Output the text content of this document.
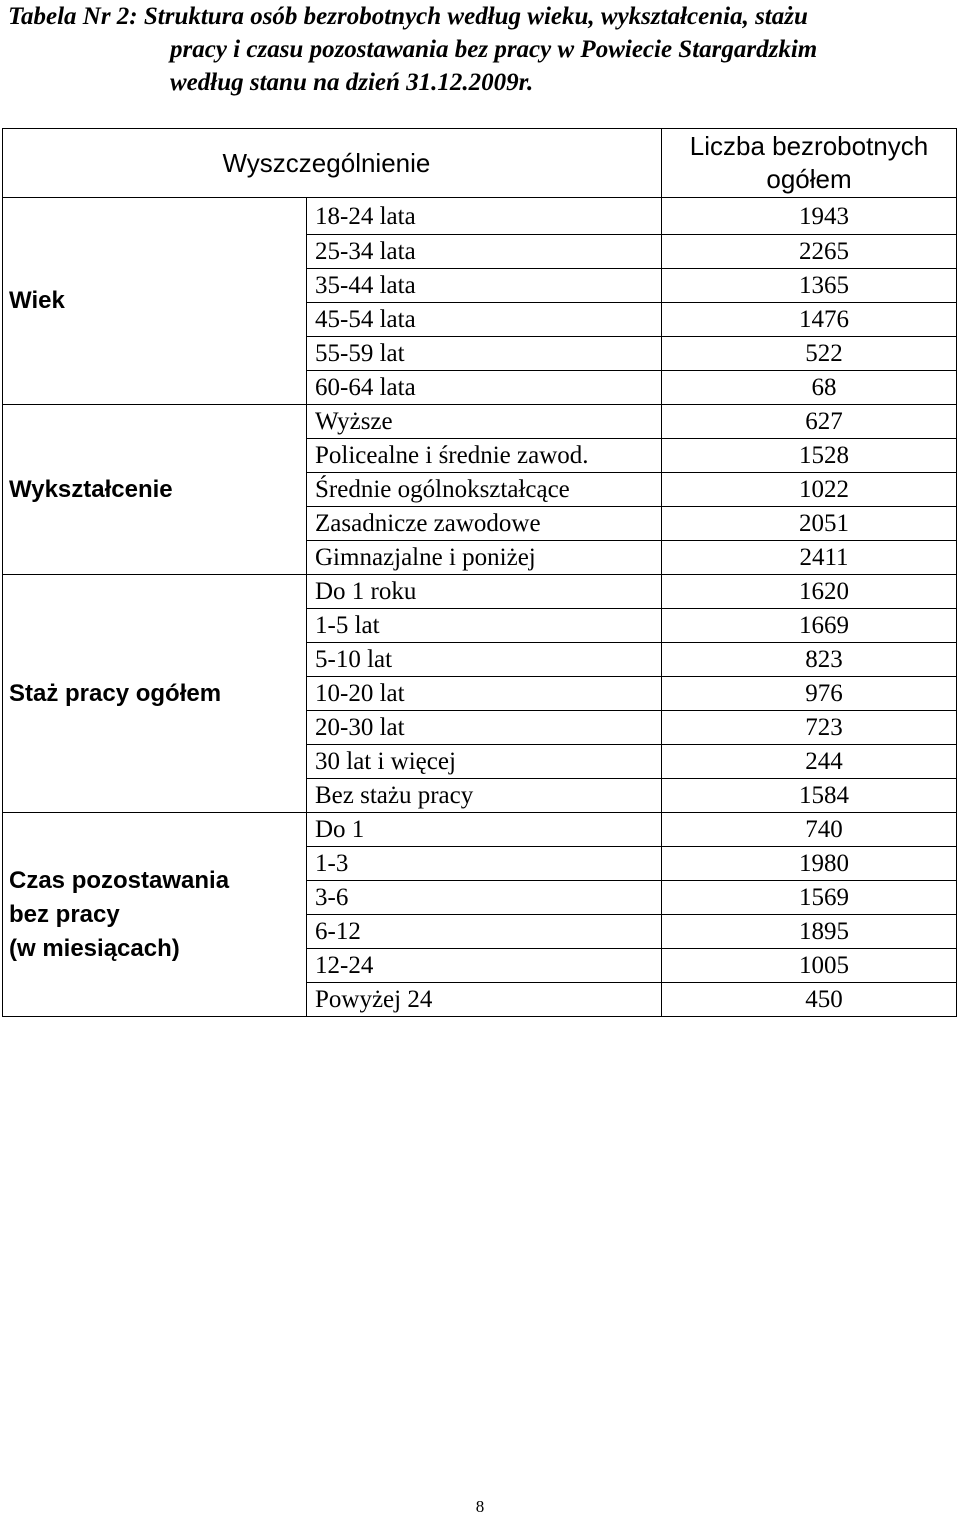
Tabela Nr 2: Struktura osób bezrobotnych według wieku, wykształcenia, stażu
pracy i czasu pozostawania bez pracy w Powiecie Stargardzkim
według stanu na dzień 31.12.2009r.
	Wyszczególnienie	Liczba bezrobotnych ogółem
Wiek	18-24 lata	1943
	25-34 lata	2265
	35-44 lata	1365
	45-54 lata	1476
	55-59 lat	522
	60-64 lata	68
Wykształcenie	Wyższe	627
	Policealne i średnie zawod.	1528
	Średnie ogólnokształcące	1022
	Zasadnicze zawodowe	2051
	Gimnazjalne i poniżej	2411
Staż pracy ogółem	Do 1 roku	1620
	1-5 lat	1669
	5-10 lat	823
	10-20 lat	976
	20-30 lat	723
	30 lat i więcej	244
	Bez stażu pracy	1584

Czas pozostawania
bez pracy
(w miesiącach)	Do 1	740
	1-3	1980
	3-6	1569
	6-12	1895
	12-24	1005
	Powyżej 24	450
8
